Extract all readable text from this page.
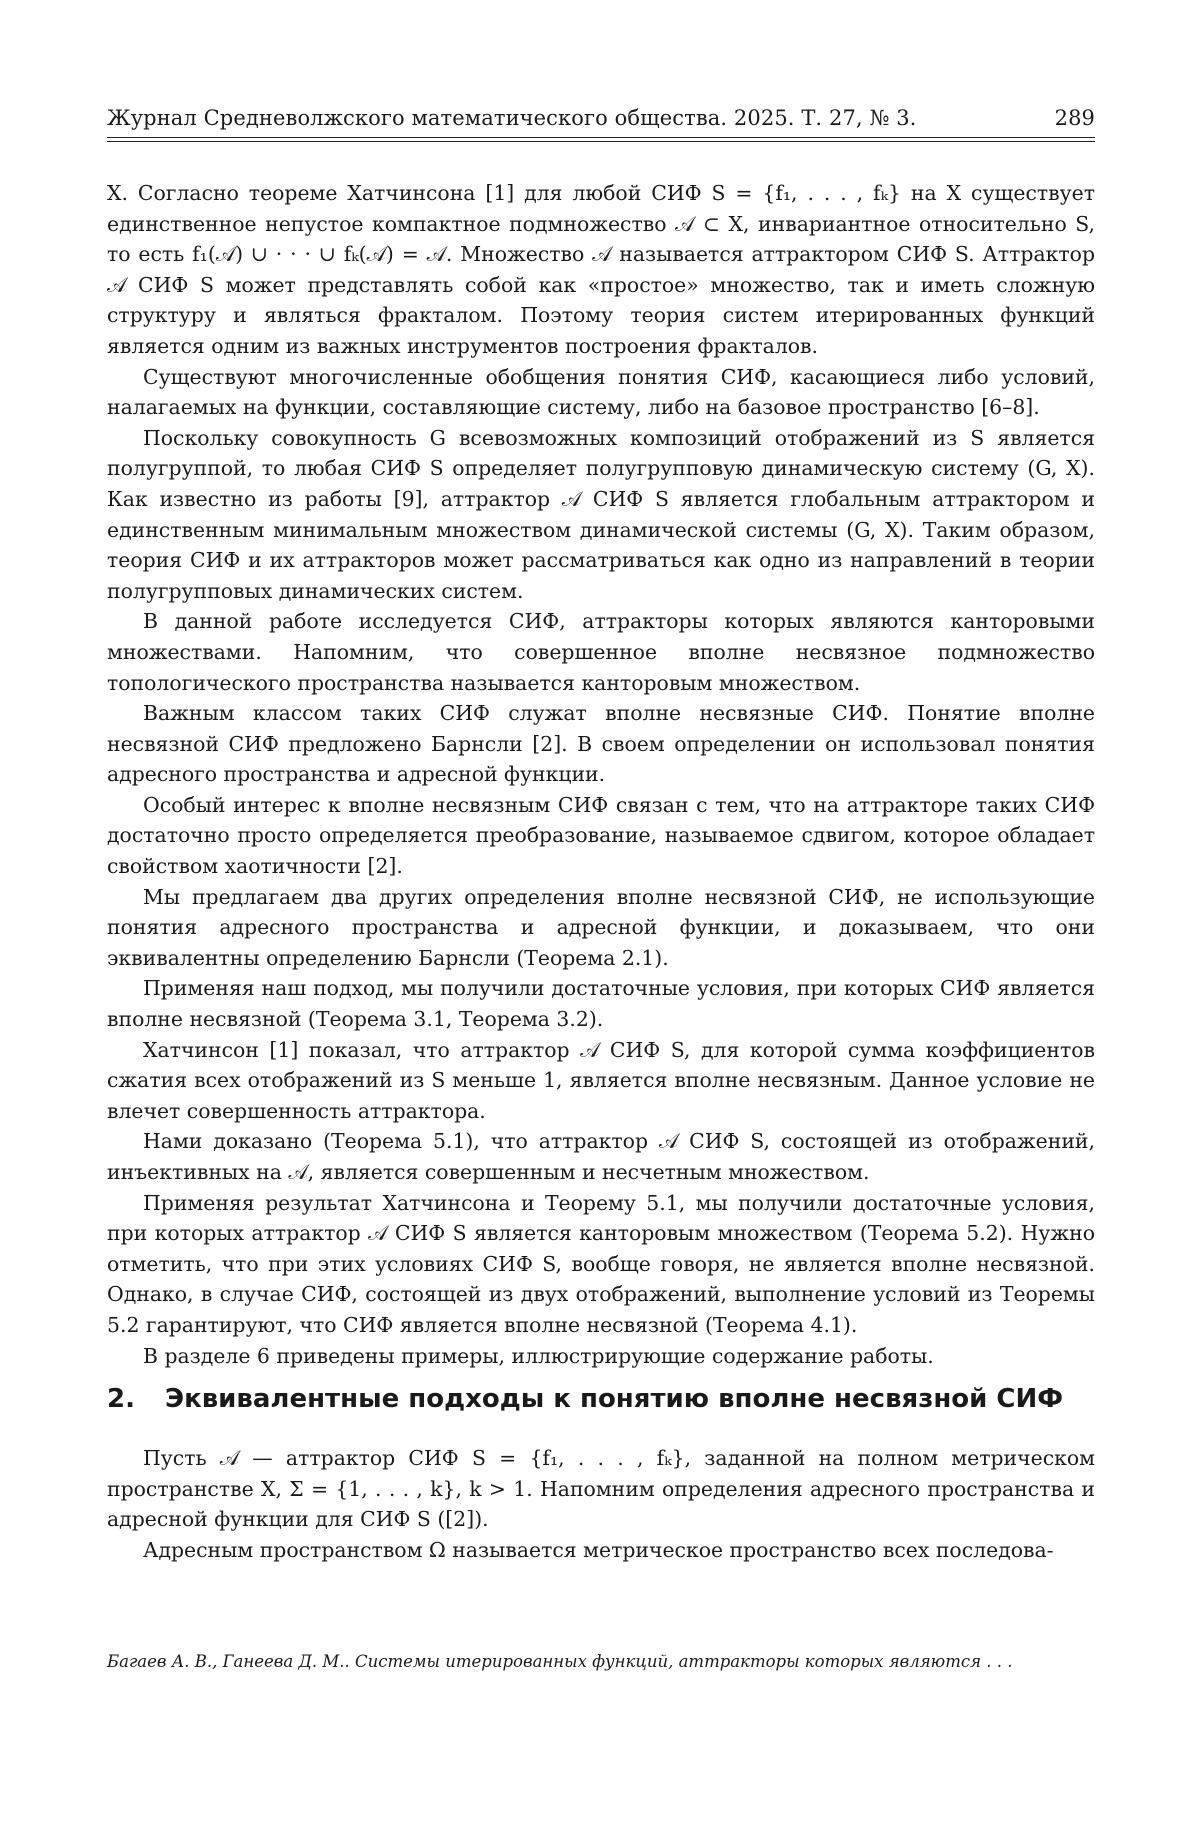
Журнал Средневолжского математического общества. 2025. Т. 27, № 3.	289

X. Согласно теореме Хатчинсона [1] для любой СИФ S = {f₁, . . . , fₖ} на X существует единственное непустое компактное подмножество 𝒜 ⊂ X, инвариантное относительно S, то есть f₁(𝒜) ∪ · · · ∪ fₖ(𝒜) = 𝒜. Множество 𝒜 называется аттрактором СИФ S. Аттрактор 𝒜 СИФ S может представлять собой как «простое» множество, так и иметь сложную структуру и являться фракталом. Поэтому теория систем итерированных функций является одним из важных инструментов построения фракталов.

Существуют многочисленные обобщения понятия СИФ, касающиеся либо условий, налагаемых на функции, составляющие систему, либо на базовое пространство [6–8].

Поскольку совокупность G всевозможных композиций отображений из S является полугруппой, то любая СИФ S определяет полугрупповую динамическую систему (G, X). Как известно из работы [9], аттрактор 𝒜 СИФ S является глобальным аттрактором и единственным минимальным множеством динамической системы (G, X). Таким образом, теория СИФ и их аттракторов может рассматриваться как одно из направлений в теории полугрупповых динамических систем.

В данной работе исследуется СИФ, аттракторы которых являются канторовыми множествами. Напомним, что совершенное вполне несвязное подмножество топологического пространства называется канторовым множеством.

Важным классом таких СИФ служат вполне несвязные СИФ. Понятие вполне несвязной СИФ предложено Барнсли [2]. В своем определении он использовал понятия адресного пространства и адресной функции.

Особый интерес к вполне несвязным СИФ связан с тем, что на аттракторе таких СИФ достаточно просто определяется преобразование, называемое сдвигом, которое обладает свойством хаотичности [2].

Мы предлагаем два других определения вполне несвязной СИФ, не использующие понятия адресного пространства и адресной функции, и доказываем, что они эквивалентны определению Барнсли (Теорема 2.1).

Применяя наш подход, мы получили достаточные условия, при которых СИФ является вполне несвязной (Теорема 3.1, Теорема 3.2).

Хатчинсон [1] показал, что аттрактор 𝒜 СИФ S, для которой сумма коэффициентов сжатия всех отображений из S меньше 1, является вполне несвязным. Данное условие не влечет совершенность аттрактора.

Нами доказано (Теорема 5.1), что аттрактор 𝒜 СИФ S, состоящей из отображений, инъективных на 𝒜, является совершенным и несчетным множеством.

Применяя результат Хатчинсона и Теорему 5.1, мы получили достаточные условия, при которых аттрактор 𝒜 СИФ S является канторовым множеством (Теорема 5.2). Нужно отметить, что при этих условиях СИФ S, вообще говоря, не является вполне несвязной. Однако, в случае СИФ, состоящей из двух отображений, выполнение условий из Теоремы 5.2 гарантируют, что СИФ является вполне несвязной (Теорема 4.1).

В разделе 6 приведены примеры, иллюстрирующие содержание работы.

2. Эквивалентные подходы к понятию вполне несвязной СИФ

Пусть 𝒜 — аттрактор СИФ S = {f₁, . . . , fₖ}, заданной на полном метрическом пространстве X, Σ = {1, . . . , k}, k > 1. Напомним определения адресного пространства и адресной функции для СИФ S ([2]).

Адресным пространством Ω называется метрическое пространство всех последова-

Багаев А. В., Ганеева Д. М.. Системы итерированных функций, аттракторы которых являются . . .
